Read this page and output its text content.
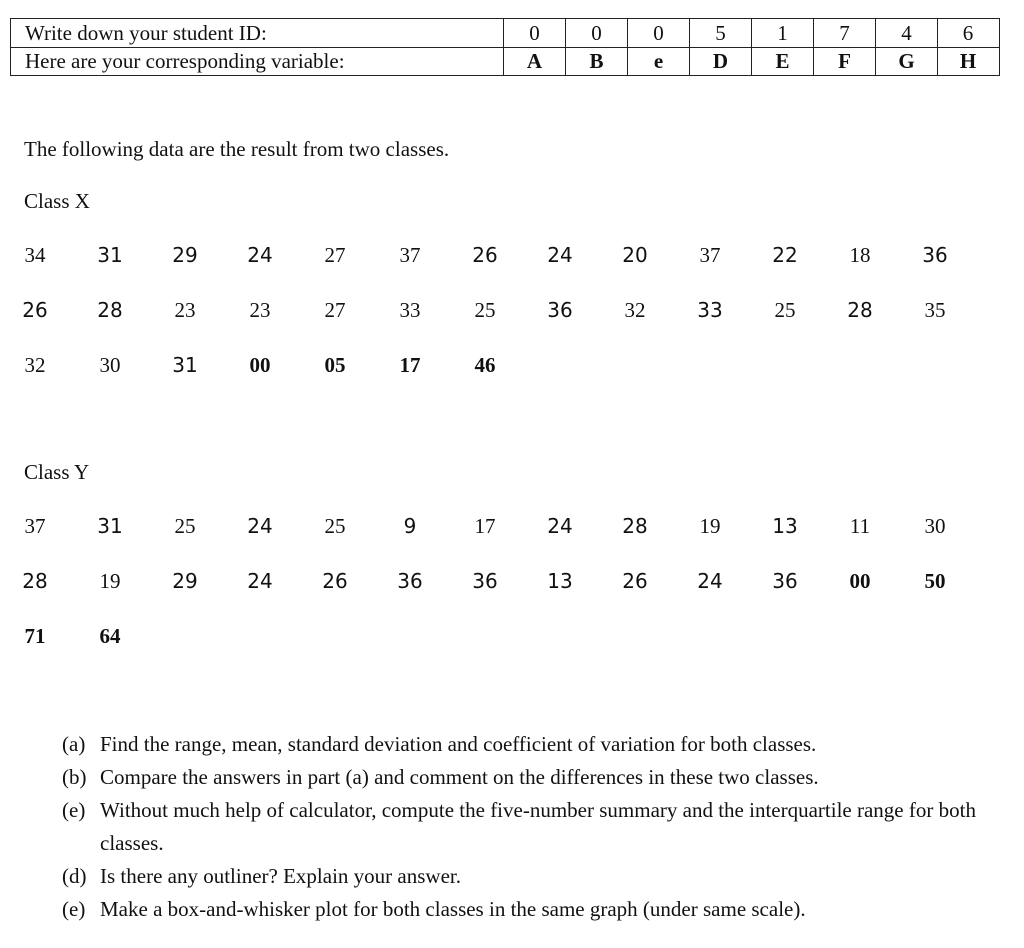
Write down your student ID:	0	0	0	5	1	7	4	6
Here are your corresponding variable:	A	B	e	D	E	F	G	H
The following data are the result from two classes.
Class X
34	31	29	24	27	37	26	24	20	37	22	18	36
26	28	23	23	27	33	25	36	32	33	25	28	35
32	30	31	00	05	17	46
Class Y
37	31	25	24	25	9	17	24	28	19	13	11	30
28	19	29	24	26	36	36	13	26	24	36	00	50
71	64
(a) Find the range, mean, standard deviation and coefficient of variation for both classes.
(b) Compare the answers in part (a) and comment on the differences in these two classes.
(e) Without much help of calculator, compute the five-number summary and the interquartile range for both classes.
(d) Is there any outliner? Explain your answer.
(e) Make a box-and-whisker plot for both classes in the same graph (under same scale).
